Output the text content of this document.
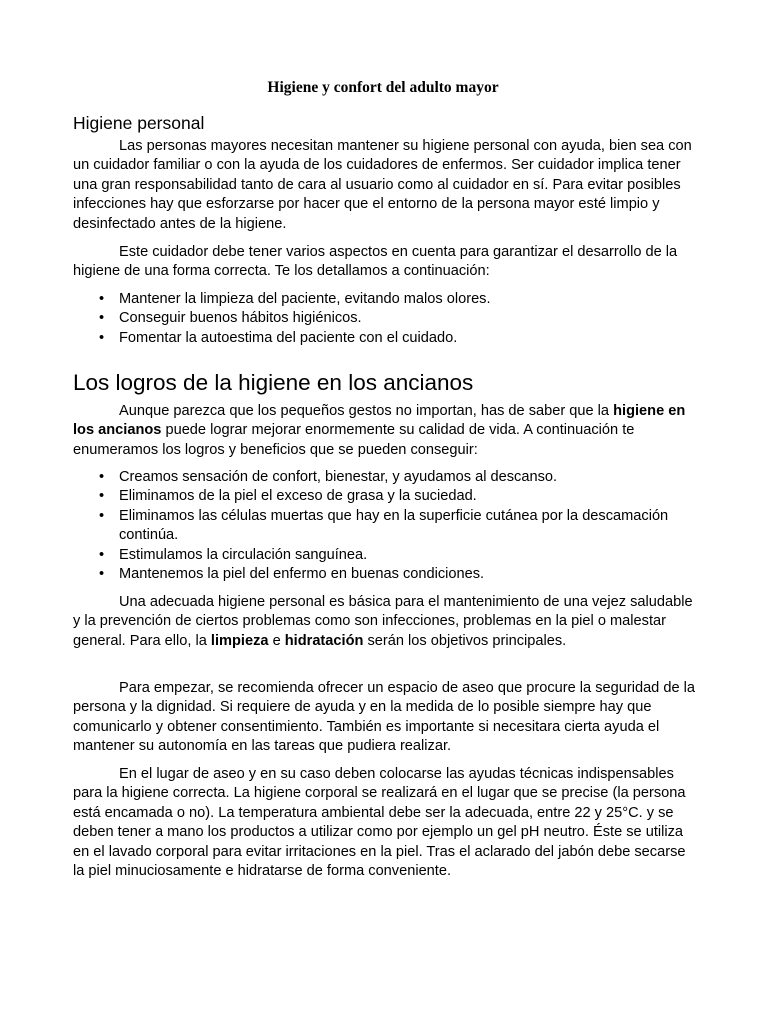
Higiene y confort del adulto mayor
Higiene personal

Las personas mayores necesitan mantener su higiene personal con ayuda, bien sea con un cuidador familiar o con la ayuda de los cuidadores de enfermos. Ser cuidador implica tener una gran responsabilidad tanto de cara al usuario como al cuidador en sí. Para evitar posibles infecciones hay que esforzarse por hacer que el entorno de la persona mayor esté limpio y desinfectado antes de la higiene.

Este cuidador debe tener varios aspectos en cuenta para garantizar el desarrollo de la higiene de una forma correcta. Te los detallamos a continuación:

• Mantener la limpieza del paciente, evitando malos olores.
• Conseguir buenos hábitos higiénicos.
• Fomentar la autoestima del paciente con el cuidado.
Los logros de la higiene en los ancianos

Aunque parezca que los pequeños gestos no importan, has de saber que la higiene en los ancianos puede lograr mejorar enormemente su calidad de vida. A continuación te enumeramos los logros y beneficios que se pueden conseguir:

• Creamos sensación de confort, bienestar, y ayudamos al descanso.
• Eliminamos de la piel el exceso de grasa y la suciedad.
• Eliminamos las células muertas que hay en la superficie cutánea por la descamación continúa.
• Estimulamos la circulación sanguínea.
• Mantenemos la piel del enfermo en buenas condiciones.

Una adecuada higiene personal es básica para el mantenimiento de una vejez saludable y la prevención de ciertos problemas como son infecciones, problemas en la piel o malestar general. Para ello, la limpieza e hidratación serán los objetivos principales.

Para empezar, se recomienda ofrecer un espacio de aseo que procure la seguridad de la persona y la dignidad. Si requiere de ayuda y en la medida de lo posible siempre hay que comunicarlo y obtener consentimiento. También es importante si necesitara cierta ayuda el mantener su autonomía en las tareas que pudiera realizar.

En el lugar de aseo y en su caso deben colocarse las ayudas técnicas indispensables para la higiene correcta. La higiene corporal se realizará en el lugar que se precise (la persona está encamada o no). La temperatura ambiental debe ser la adecuada, entre 22 y 25°C. y se deben tener a mano los productos a utilizar como por ejemplo un gel pH neutro. Éste se utiliza en el lavado corporal para evitar irritaciones en la piel. Tras el aclarado del jabón debe secarse la piel minuciosamente e hidratarse de forma conveniente.
